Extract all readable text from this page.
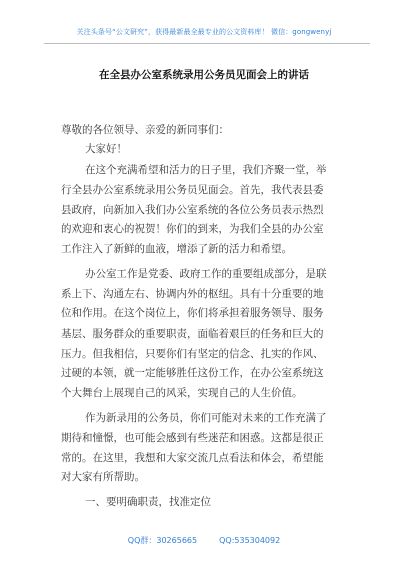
关注头条号“公文研究”，获得最新最全最专业的公文资料库！ 微信：gongwenyj
在全县办公室系统录用公务员见面会上的讲话
尊敬的各位领导、亲爱的新同事们：
大家好！
在这个充满希望和活力的日子里，我们齐聚一堂，举
行全县办公室系统录用公务员见面会。首先，我代表县委
县政府，向新加入我们办公室系统的各位公务员表示热烈
的欢迎和衷心的祝贺！你们的到来，为我们全县的办公室
工作注入了新鲜的血液，增添了新的活力和希望。
办公室工作是党委、政府工作的重要组成部分，是联
系上下、沟通左右、协调内外的枢纽。具有十分重要的地
位和作用。在这个岗位上，你们将承担着服务领导、服务
基层、服务群众的重要职责，面临着艰巨的任务和巨大的
压力。但我相信，只要你们有坚定的信念、扎实的作风、
过硬的本领，就一定能够胜任这份工作，在办公室系统这
个大舞台上展现自己的风采，实现自己的人生价值。
作为新录用的公务员，你们可能对未来的工作充满了
期待和憧憬，也可能会感到有些迷茫和困惑。这都是很正
常的。在这里，我想和大家交流几点看法和体会，希望能
对大家有所帮助。
一、要明确职责，找准定位
QQ群：30265665	QQ:535304092
